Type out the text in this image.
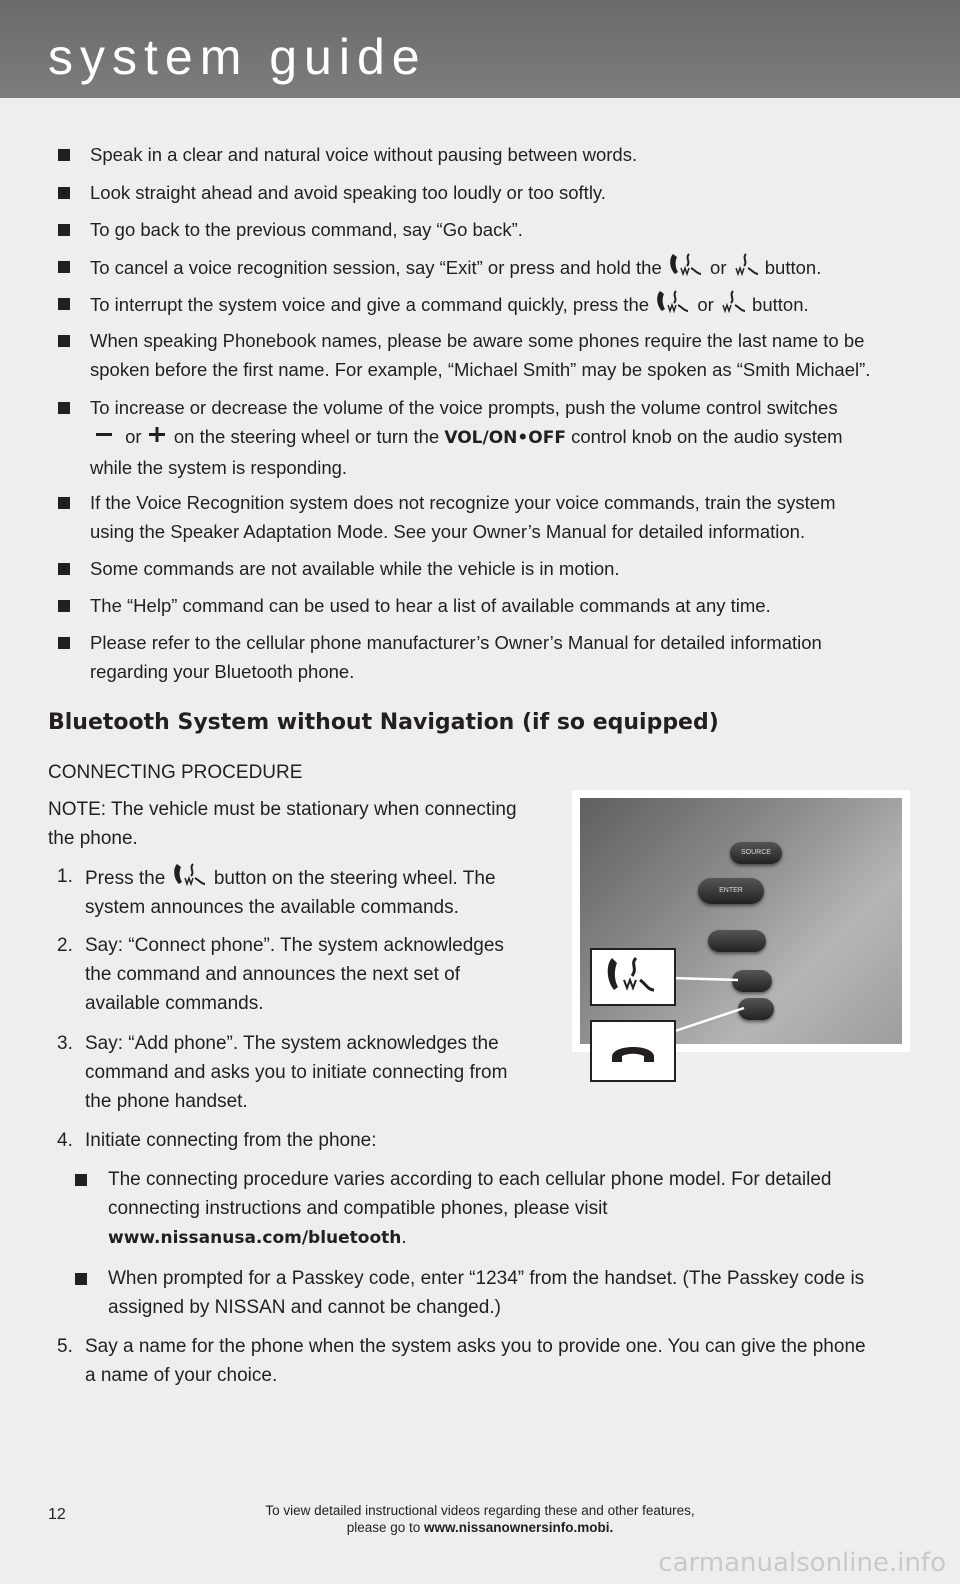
system guide
Speak in a clear and natural voice without pausing between words.
Look straight ahead and avoid speaking too loudly or too softly.
To go back to the previous command, say “Go back”.
To cancel a voice recognition session, say “Exit” or press and hold the	or button.
To interrupt the system voice and give a command quickly, press the	or button.
When speaking Phonebook names, please be aware some phones require the last name to be
spoken before the first name. For example, “Michael Smith” may be spoken as “Smith Michael”.
To increase or decrease the volume of the voice prompts, push the volume control switches
or on the steering wheel or turn the VOL/ON•OFF control knob on the audio system
while the system is responding.
If the Voice Recognition system does not recognize your voice commands, train the system
using the Speaker Adaptation Mode. See your Owner’s Manual for detailed information.
Some commands are not available while the vehicle is in motion.
The “Help” command can be used to hear a list of available commands at any time.
Please refer to the cellular phone manufacturer’s Owner’s Manual for detailed information
regarding your Bluetooth phone.
Bluetooth System without Navigation (if so equipped)
CONNECTING PROCEDURE
NOTE: The vehicle must be stationary when connecting
the phone.
1. Press the	button on the steering wheel. The
system announces the available commands.
2. Say: “Connect phone”. The system acknowledges
the command and announces the next set of
available commands.
3. Say: “Add phone”. The system acknowledges the
command and asks you to initiate connecting from
the phone handset.
4. Initiate connecting from the phone:
The connecting procedure varies according to each cellular phone model. For detailed
connecting instructions and compatible phones, please visit
www.nissanusa.com/bluetooth.
When prompted for a Passkey code, enter “1234” from the handset. (The Passkey code is
assigned by NISSAN and cannot be changed.)
5. Say a name for the phone when the system asks you to provide one. You can give the phone
a name of your choice.
SOURCE
ENTER
12	To view detailed instructional videos regarding these and other features,
please go to www.nissanownersinfo.mobi.
carmanualsonline.info
